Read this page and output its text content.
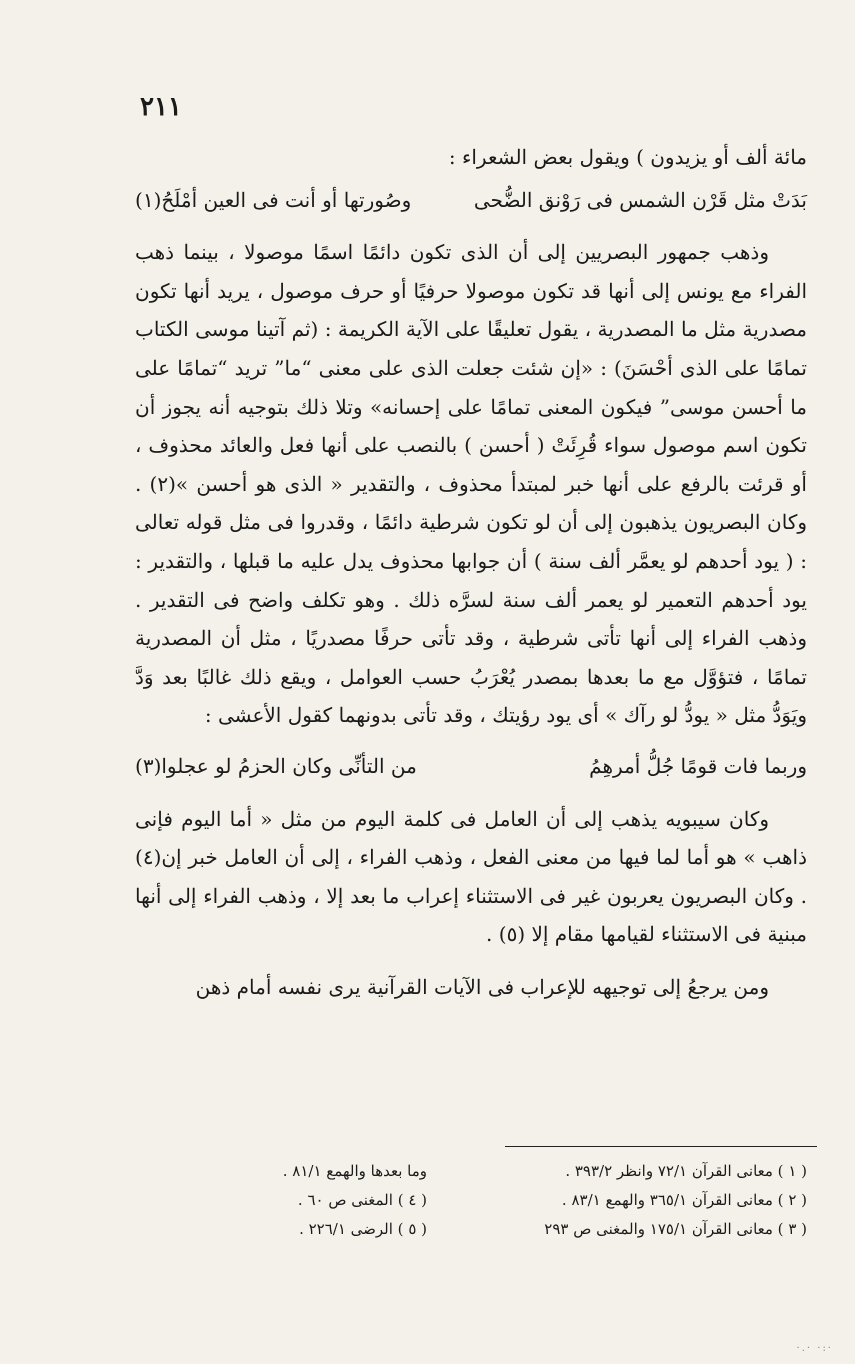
٢١١

مائة ألف أو يزيدون ) ويقول بعض الشعراء :

بَدَتْ مثل قَرْن الشمس فى رَوْنق الضُّحى
وصُورتها أو أنت فى العين أمْلَحُ(١)

وذهب جمهور البصريين إلى أن الذى تكون دائمًا اسمًا موصولا ، بينما ذهب الفراء مع يونس إلى أنها قد تكون موصولا حرفيًا أو حرف موصول ، يريد أنها تكون مصدرية مثل ما المصدرية ، يقول تعليقًا على الآية الكريمة : (ثم آتينا موسى الكتاب تمامًا على الذى أحْسَنَ) : «إن شئت جعلت الذى على معنى “ما” تريد “تمامًا على ما أحسن موسى” فيكون المعنى تمامًا على إحسانه» وتلا ذلك بتوجيه أنه يجوز أن تكون اسم موصول سواء قُرِئَتْ ( أحسن ) بالنصب على أنها فعل والعائد محذوف ، أو قرئت بالرفع على أنها خبر لمبتدأ محذوف ، والتقدير « الذى هو أحسن »(٢) . وكان البصريون يذهبون إلى أن لو تكون شرطية دائمًا ، وقدروا فى مثل قوله تعالى : ( يود أحدهم لو يعمَّر ألف سنة ) أن جوابها محذوف يدل عليه ما قبلها ، والتقدير : يود أحدهم التعمير لو يعمر ألف سنة لسرَّه ذلك . وهو تكلف واضح فى التقدير . وذهب الفراء إلى أنها تأتى شرطية ، وقد تأتى حرفًا مصدريًا ، مثل أن المصدرية تمامًا ، فتؤوَّل مع ما بعدها بمصدر يُعْرَبُ حسب العوامل ، ويقع ذلك غالبًا بعد وَدَّ ويَوَدُّ مثل « يودُّ لو رآك » أى يود رؤيتك ، وقد تأتى بدونهما كقول الأعشى :

وربما فات قومًا جُلُّ أمرهِمُ
من التأنِّى وكان الحزمُ لو عجلوا(٣)

وكان سيبويه يذهب إلى أن العامل فى كلمة اليوم من مثل « أما اليوم فإنى ذاهب » هو أما لما فيها من معنى الفعل ، وذهب الفراء ، إلى أن العامل خبر إن(٤) . وكان البصريون يعربون غير فى الاستثناء إعراب ما بعد إلا ، وذهب الفراء إلى أنها مبنية فى الاستثناء لقيامها مقام إلا (٥) .

ومن يرجعُ إلى توجيهه للإعراب فى الآيات القرآنية يرى نفسه أمام ذهن

( ١ ) معانى القرآن ٧٢/١ وانظر ٣٩٣/٢ .
( ٢ ) معانى القرآن ٣٦٥/١ والهمع ٨٣/١ .
( ٣ ) معانى القرآن ١٧٥/١ والمغنى ص ٢٩٣
وما بعدها والهمع ٨١/١ .
( ٤ ) المغنى ص ٦٠ .
( ٥ ) الرضى ٢٢٦/١ .
·.· ·:·
